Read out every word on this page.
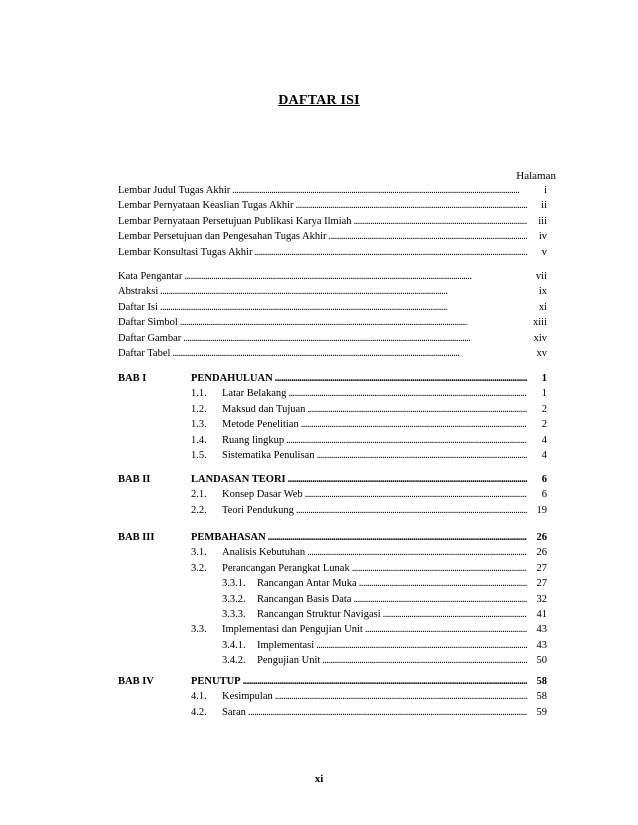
DAFTAR ISI
Halaman
Lembar Judul Tugas Akhir . . .	i
Lembar Pernyataan Keaslian Tugas Akhir . . .	ii
Lembar Pernyataan Persetujuan Publikasi Karya Ilmiah . . .	iii
Lembar Persetujuan dan Pengesahan Tugas Akhir . . .	iv
Lembar Konsultasi Tugas Akhir . . .	v
Kata Pengantar . . .	vii
Abstraksi . . .	ix
Daftar Isi . . .	xi
Daftar Simbol . . .	xiii
Daftar Gambar . . .	xiv
Daftar Tabel . . .	xv
BAB I	PENDAHULUAN . . .	1
1.1.	Latar Belakang . . .	1
1.2.	Maksud dan Tujuan . . .	2
1.3.	Metode Penelitian . . .	2
1.4.	Ruang lingkup . . .	4
1.5.	Sistematika Penulisan . . .	4
BAB II	LANDASAN TEORI . . .	6
2.1.	Konsep Dasar Web . . .	6
2.2.	Teori Pendukung . . .	19
BAB III	PEMBAHASAN . . .	26
3.1.	Analisis Kebutuhan . . .	26
3.2.	Perancangan Perangkat Lunak . . .	27
3.3.1.	Rancangan Antar Muka . . .	27
3.3.2.	Rancangan Basis Data . . .	32
3.3.3.	Rancangan Struktur Navigasi . . .	41
3.3.	Implementasi dan Pengujian Unit . . .	43
3.4.1.	Implementasi . . .	43
3.4.2.	Pengujian Unit . . .	50
BAB IV	PENUTUP . . .	58
4.1.	Kesimpulan . . .	58
4.2.	Saran . . .	59
xi
